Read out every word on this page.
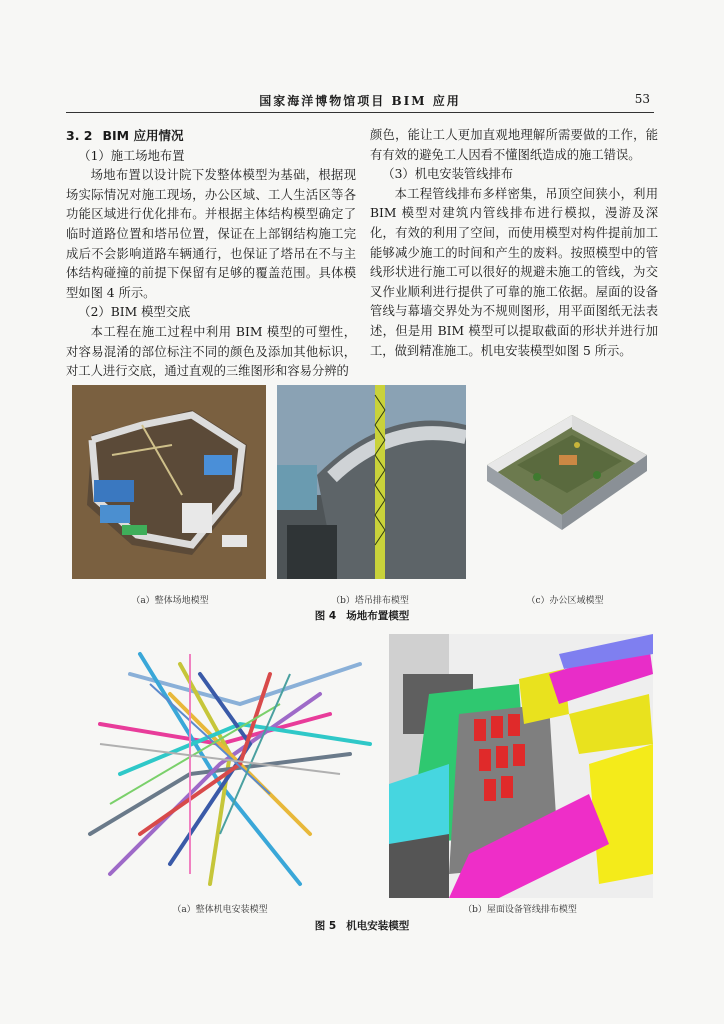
国家海洋博物馆项目 BIM 应用	53
3. 2 BIM 应用情况

（1）施工场地布置

场地布置以设计院下发整体模型为基础，根据现场实际情况对施工现场，办公区域、工人生活区等各功能区域进行优化排布。并根据主体结构模型确定了临时道路位置和塔吊位置，保证在上部钢结构施工完成后不会影响道路车辆通行，也保证了塔吊在不与主体结构碰撞的前提下保留有足够的覆盖范围。具体模型如图 4 所示。

（2）BIM 模型交底

本工程在施工过程中利用 BIM 模型的可塑性，对容易混淆的部位标注不同的颜色及添加其他标识，对工人进行交底，通过直观的三维图形和容易分辨的

颜色，能让工人更加直观地理解所需要做的工作，能有有效的避免工人因看不懂图纸造成的施工错误。

（3）机电安装管线排布

本工程管线排布多样密集，吊顶空间狭小，利用 BIM 模型对建筑内管线排布进行模拟，漫游及深化，有效的利用了空间，而使用模型对构件提前加工能够减少施工的时间和产生的废料。按照模型中的管线形状进行施工可以很好的规避未施工的管线，为交叉作业顺利进行提供了可靠的施工依据。屋面的设备管线与幕墙交界处为不规则图形，用平面图纸无法表述，但是用 BIM 模型可以提取截面的形状并进行加工，做到精准施工。机电安装模型如图 5 所示。

（a）整体场地模型	（b）塔吊排布模型	（c）办公区域模型
图 4 场地布置模型
（a）整体机电安装模型	（b）屋面设备管线排布模型
图 5 机电安装模型
